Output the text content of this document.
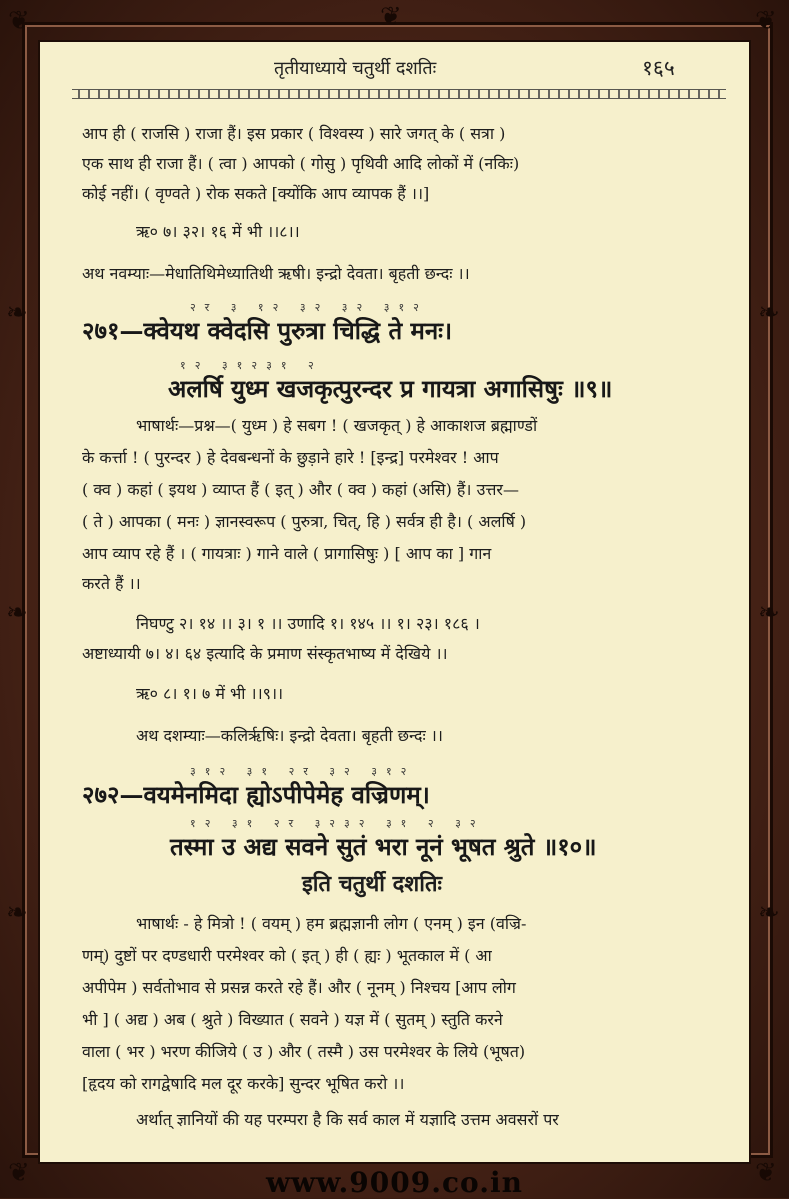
❦	❦
❦	❦
❧
❧
❧
❧
❧
❧
❦
तृतीयाध्याये चतुर्थी दशतिः	१६५
आप ही ( राजसि ) राजा हैं। इस प्रकार ( विश्वस्य ) सारे जगत् के ( सत्रा )
एक साथ ही राजा हैं। ( त्वा ) आपको ( गोसु ) पृथिवी आदि लोकों में (नकिः)
कोई नहीं। ( वृण्वते ) रोक सकते [क्योंकि आप व्यापक हैं ।।]
ऋ० ७। ३२। १६ में भी ।।८।।
अथ नवम्याः—मेधातिथिमेध्यातिथी ऋषी। इन्द्रो देवता। बृहती छन्दः ।।
२र ३ १२ ३२ ३२ ३१२
२७१—क्वेयथ क्वेदसि पुरुत्रा चिद्धि ते मनः।
१२ ३१२३१ २
अलर्षि युध्म खजकृत्पुरन्दर प्र गायत्रा अगासिषुः ॥९॥
भाषार्थः—प्रश्न—( युध्म ) हे सबग ! ( खजकृत् ) हे आकाशज ब्रह्माण्डों
के कर्त्ता ! ( पुरन्दर ) हे देवबन्धनों के छुड़ाने हारे ! [इन्द्र] परमेश्वर ! आप
( क्व ) कहां ( इयथ ) व्याप्त हैं ( इत् ) और ( क्व ) कहां (असि) हैं। उत्तर—
( ते ) आपका ( मनः ) ज्ञानस्वरूप ( पुरुत्रा, चित्, हि ) सर्वत्र ही है। ( अलर्षि )
आप व्याप रहे हैं । ( गायत्राः ) गाने वाले ( प्रागासिषुः ) [ आप का ] गान
करते हैं ।।
निघण्टु २। १४ ।। ३। १ ।। उणादि १। १४५ ।। १। २३। १८६ ।
अष्टाध्यायी ७। ४। ६४ इत्यादि के प्रमाण संस्कृतभाष्य में देखिये ।।
ऋ० ८। १। ७ में भी ।।९।।
अथ दशम्याः—कलिर्ऋषिः। इन्द्रो देवता। बृहती छन्दः ।।
३१२ ३१ २र ३२ ३१२
२७२—वयमेनमिदा ह्योऽपीपेमेह वज्रिणम्।
१२ ३१ २र ३२३२ ३१ २ ३२
तस्मा उ अद्य सवने सुतं भरा नूनं भूषत श्रुते ॥१०॥
इति चतुर्थी दशतिः
भाषार्थः - हे मित्रो ! ( वयम् ) हम ब्रह्मज्ञानी लोग ( एनम् ) इन (वज्रि-
णम्) दुष्टों पर दण्डधारी परमेश्वर को ( इत् ) ही ( ह्यः ) भूतकाल में ( आ
अपीपेम ) सर्वतोभाव से प्रसन्न करते रहे हैं। और ( नूनम् ) निश्चय [आप लोग
भी ] ( अद्य ) अब ( श्रुते ) विख्यात ( सवने ) यज्ञ में ( सुतम् ) स्तुति करने
वाला ( भर ) भरण कीजिये ( उ ) और ( तस्मै ) उस परमेश्वर के लिये (भूषत)
[हृदय को रागद्वेषादि मल दूर करके] सुन्दर भूषित करो ।।
अर्थात् ज्ञानियों की यह परम्परा है कि सर्व काल में यज्ञादि उत्तम अवसरों पर
www.9009.co.in
